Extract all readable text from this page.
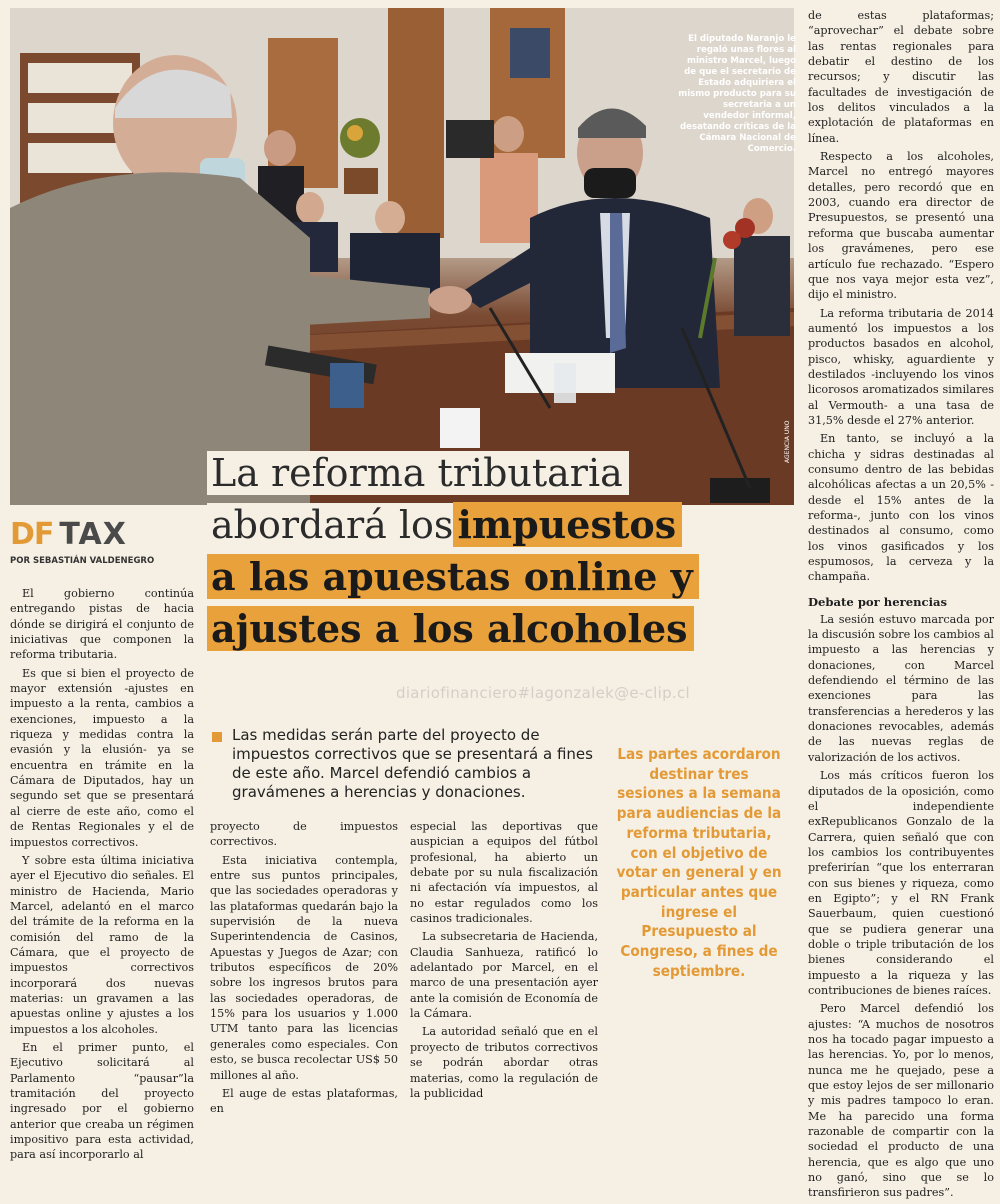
El diputado Naranjo le regaló unas flores al ministro Marcel, luego de que el secretario de Estado adquiriera el mismo producto para su secretaria a un vendedor informal, desatando críticas de la Cámara Nacional de Comercio.
AGENCIA UNO
La reforma tributaria
abordará los impuestos
a las apuestas online y
ajustes a los alcoholes
DF TAX
POR SEBASTIÁN VALDENEGRO
diariofinanciero#lagonzalek@e-clip.cl
Las medidas serán parte del proyecto de impuestos correctivos que se presentará a fines de este año. Marcel defendió cambios a gravámenes a herencias y donaciones.
Las partes acordaron destinar tres sesiones a la semana para audiencias de la reforma tributaria, con el objetivo de votar en general y en particular antes que ingrese el Presupuesto al Congreso, a fines de septiembre.

El gobierno continúa entregando pistas de hacia dónde se dirigirá el conjunto de iniciativas que componen la reforma tributaria.

Es que si bien el proyecto de mayor extensión -ajustes en impuesto a la renta, cambios a exenciones, impuesto a la riqueza y medidas contra la evasión y la elusión- ya se encuentra en trámite en la Cámara de Diputados, hay un segundo set que se presentará al cierre de este año, como el de Rentas Regionales y el de impuestos correctivos.

Y sobre esta última iniciativa ayer el Ejecutivo dio señales. El ministro de Hacienda, Mario Marcel, adelantó en el marco del trámite de la reforma en la comisión del ramo de la Cámara, que el proyecto de impuestos correctivos incorporará dos nuevas materias: un gravamen a las apuestas online y ajustes a los impuestos a los alcoholes.

En el primer punto, el Ejecutivo solicitará al Parlamento “pausar”la tramitación del proyecto ingresado por el gobierno anterior que creaba un régimen impositivo para esta actividad, para así incorporarlo al

proyecto de impuestos correctivos.

Esta iniciativa contempla, entre sus puntos principales, que las sociedades operadoras y las plataformas quedarán bajo la supervisión de la nueva Superintendencia de Casinos, Apuestas y Juegos de Azar; con tributos específicos de 20% sobre los ingresos brutos para las sociedades operadoras, de 15% para los usuarios y 1.000 UTM tanto para las licencias generales como especiales. Con esto, se busca recolectar US$ 50 millones al año.

El auge de estas plataformas, en

especial las deportivas que auspician a equipos del fútbol profesional, ha abierto un debate por su nula fiscalización ni afectación vía impuestos, al no estar regulados como los casinos tradicionales.

La subsecretaria de Hacienda, Claudia Sanhueza, ratificó lo adelantado por Marcel, en el marco de una presentación ayer ante la comisión de Economía de la Cámara.

La autoridad señaló que en el proyecto de tributos correctivos se podrán abordar otras materias, como la regulación de la publicidad

de estas plataformas; “aprovechar” el debate sobre las rentas regionales para debatir el destino de los recursos; y discutir las facultades de investigación de los delitos vinculados a la explotación de plataformas en línea.

Respecto a los alcoholes, Marcel no entregó mayores detalles, pero recordó que en 2003, cuando era director de Presupuestos, se presentó una reforma que buscaba aumentar los gravámenes, pero ese artículo fue rechazado. “Espero que nos vaya mejor esta vez”, dijo el ministro.

La reforma tributaria de 2014 aumentó los impuestos a los productos basados en alcohol, pisco, whisky, aguardiente y destilados -incluyendo los vinos licorosos aromatizados similares al Vermouth- a una tasa de 31,5% desde el 27% anterior.

En tanto, se incluyó a la chicha y sidras destinadas al consumo dentro de las bebidas alcohólicas afectas a un 20,5% -desde el 15% antes de la reforma-, junto con los vinos destinados al consumo, como los vinos gasificados y los espumosos, la cerveza y la champaña.

Debate por herencias

La sesión estuvo marcada por la discusión sobre los cambios al impuesto a las herencias y donaciones, con Marcel defendiendo el término de las exenciones para las transferencias a herederos y las donaciones revocables, además de las nuevas reglas de valorización de los activos.

Los más críticos fueron los diputados de la oposición, como el independiente exRepublicanos Gonzalo de la Carrera, quien señaló que con los cambios los contribuyentes preferirían “que los enterraran con sus bienes y riqueza, como en Egipto”; y el RN Frank Sauerbaum, quien cuestionó que se pudiera generar una doble o triple tributación de los bienes considerando el impuesto a la riqueza y las contribuciones de bienes raíces.

Pero Marcel defendió los ajustes: “A muchos de nosotros nos ha tocado pagar impuesto a las herencias. Yo, por lo menos, nunca me he quejado, pese a que estoy lejos de ser millonario y mis padres tampoco lo eran. Me ha parecido una forma razonable de compartir con la sociedad el producto de una herencia, que es algo que uno no ganó, sino que se lo transfirieron sus padres”.
